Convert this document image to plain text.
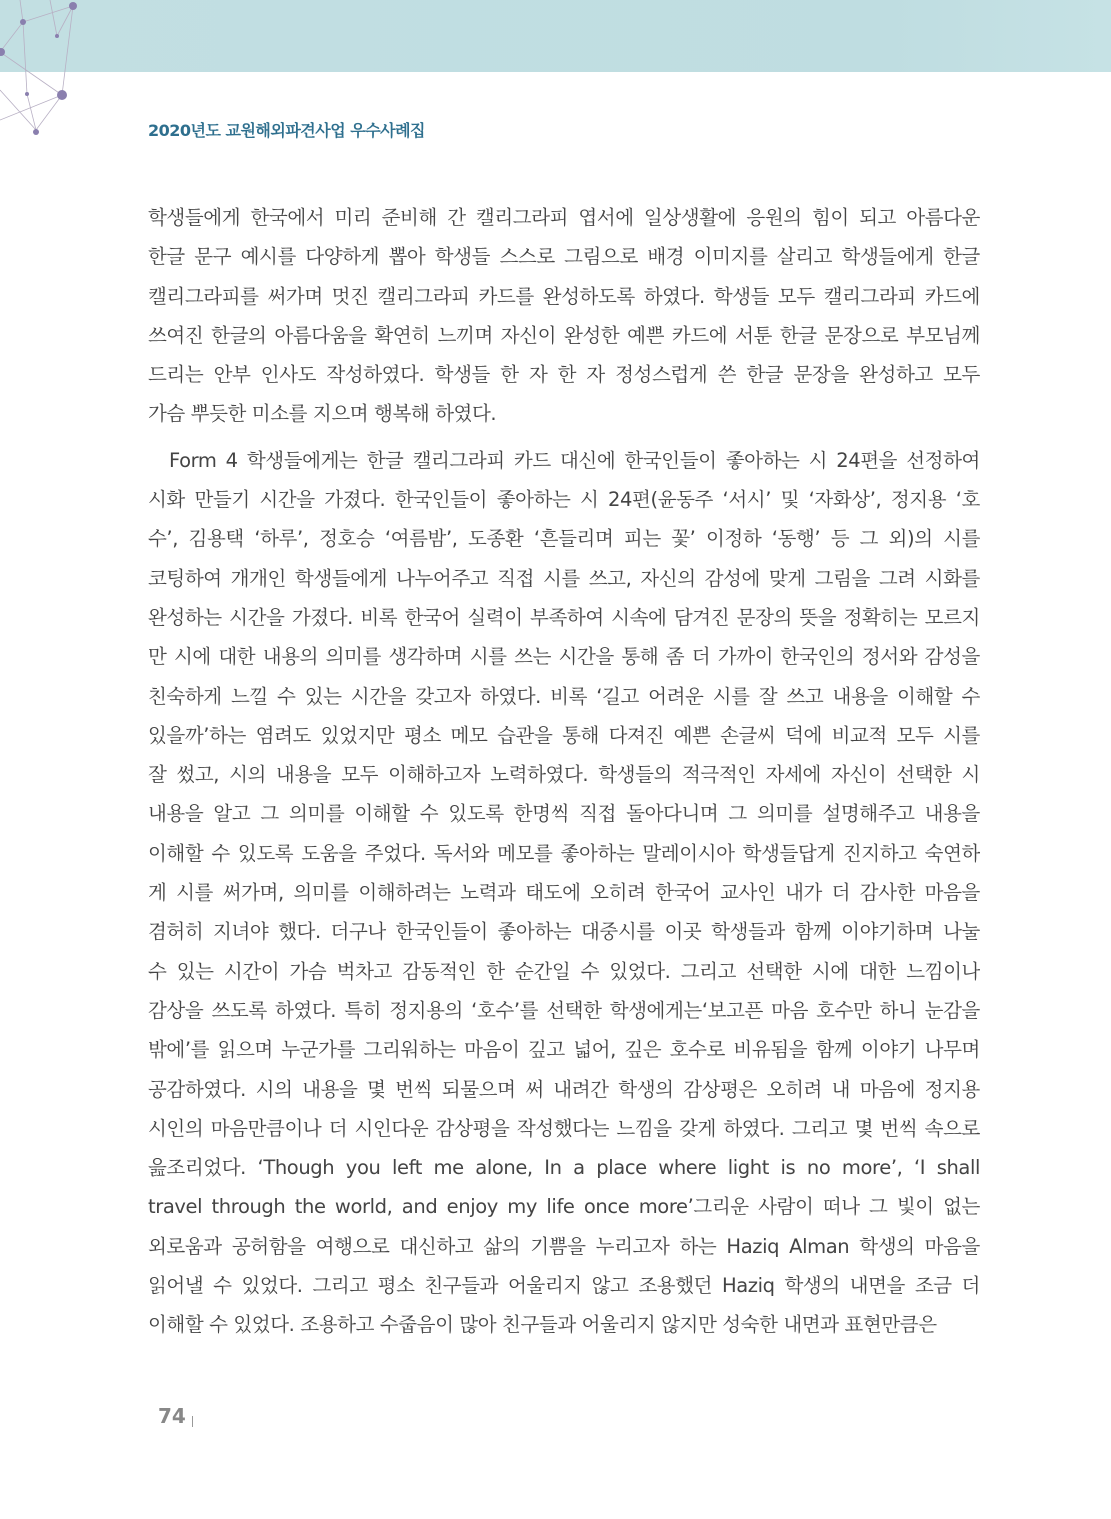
2020년도 교원해외파견사업 우수사례집
학생들에게 한국에서 미리 준비해 간 캘리그라피 엽서에 일상생활에 응원의 힘이 되고 아름다운
한글 문구 예시를 다양하게 뽑아 학생들 스스로 그림으로 배경 이미지를 살리고 학생들에게 한글
캘리그라피를 써가며 멋진 캘리그라피 카드를 완성하도록 하였다. 학생들 모두 캘리그라피 카드에
쓰여진 한글의 아름다움을 확연히 느끼며 자신이 완성한 예쁜 카드에 서툰 한글 문장으로 부모님께
드리는 안부 인사도 작성하였다. 학생들 한 자 한 자 정성스럽게 쓴 한글 문장을 완성하고 모두
가슴 뿌듯한 미소를 지으며 행복해 하였다.
Form 4 학생들에게는 한글 캘리그라피 카드 대신에 한국인들이 좋아하는 시 24편을 선정하여
시화 만들기 시간을 가졌다. 한국인들이 좋아하는 시 24편(윤동주 ‘서시’ 및 ‘자화상’, 정지용 ‘호
수’, 김용택 ‘하루’, 정호승 ‘여름밤’, 도종환 ‘흔들리며 피는 꽃’ 이정하 ‘동행’ 등 그 외)의 시를
코팅하여 개개인 학생들에게 나누어주고 직접 시를 쓰고, 자신의 감성에 맞게 그림을 그려 시화를
완성하는 시간을 가졌다. 비록 한국어 실력이 부족하여 시속에 담겨진 문장의 뜻을 정확히는 모르지
만 시에 대한 내용의 의미를 생각하며 시를 쓰는 시간을 통해 좀 더 가까이 한국인의 정서와 감성을
친숙하게 느낄 수 있는 시간을 갖고자 하였다. 비록 ‘길고 어려운 시를 잘 쓰고 내용을 이해할 수
있을까’하는 염려도 있었지만 평소 메모 습관을 통해 다져진 예쁜 손글씨 덕에 비교적 모두 시를
잘 썼고, 시의 내용을 모두 이해하고자 노력하였다. 학생들의 적극적인 자세에 자신이 선택한 시
내용을 알고 그 의미를 이해할 수 있도록 한명씩 직접 돌아다니며 그 의미를 설명해주고 내용을
이해할 수 있도록 도움을 주었다. 독서와 메모를 좋아하는 말레이시아 학생들답게 진지하고 숙연하
게 시를 써가며, 의미를 이해하려는 노력과 태도에 오히려 한국어 교사인 내가 더 감사한 마음을
겸허히 지녀야 했다. 더구나 한국인들이 좋아하는 대중시를 이곳 학생들과 함께 이야기하며 나눌
수 있는 시간이 가슴 벅차고 감동적인 한 순간일 수 있었다. 그리고 선택한 시에 대한 느낌이나
감상을 쓰도록 하였다. 특히 정지용의 ‘호수’를 선택한 학생에게는‘보고픈 마음 호수만 하니 눈감을
밖에’를 읽으며 누군가를 그리워하는 마음이 깊고 넓어, 깊은 호수로 비유됨을 함께 이야기 나무며
공감하였다. 시의 내용을 몇 번씩 되물으며 써 내려간 학생의 감상평은 오히려 내 마음에 정지용
시인의 마음만큼이나 더 시인다운 감상평을 작성했다는 느낌을 갖게 하였다. 그리고 몇 번씩 속으로
읊조리었다. ‘Though you left me alone, In a place where light is no more’, ‘I shall
travel through the world, and enjoy my life once more’그리운 사람이 떠나 그 빛이 없는
외로움과 공허함을 여행으로 대신하고 삶의 기쁨을 누리고자 하는 Haziq Alman 학생의 마음을
읽어낼 수 있었다. 그리고 평소 친구들과 어울리지 않고 조용했던 Haziq 학생의 내면을 조금 더
이해할 수 있었다. 조용하고 수줍음이 많아 친구들과 어울리지 않지만 성숙한 내면과 표현만큼은
74
